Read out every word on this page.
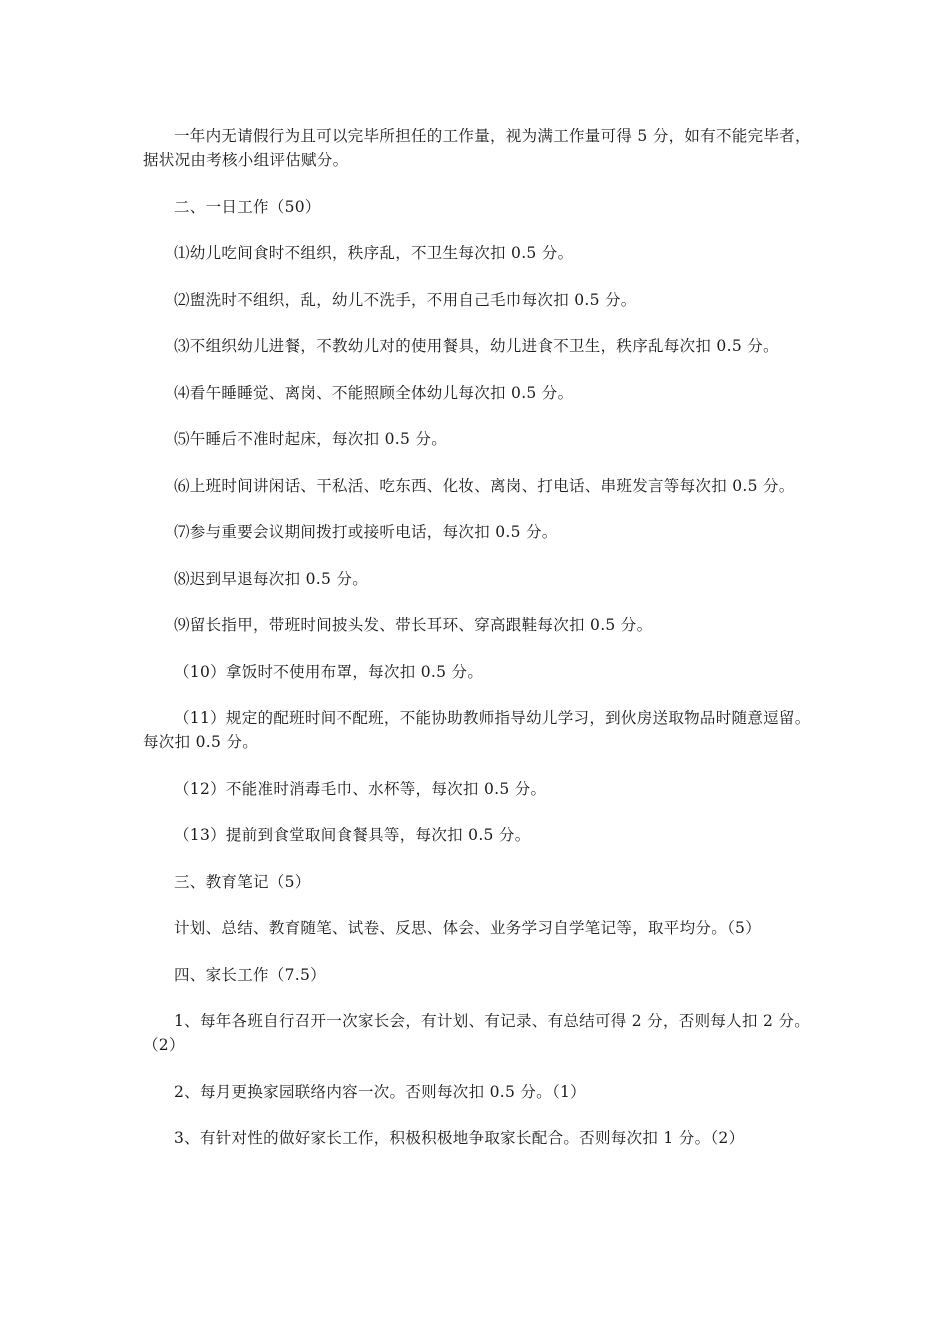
一年内无请假行为且可以完毕所担任的工作量，视为满工作量可得 5 分，如有不能完毕者，据状况由考核小组评估赋分。

二、一日工作（50）

⑴幼儿吃间食时不组织，秩序乱，不卫生每次扣 0.5 分。

⑵盥洗时不组织，乱，幼儿不洗手，不用自己毛巾每次扣 0.5 分。

⑶不组织幼儿进餐，不教幼儿对的使用餐具，幼儿进食不卫生，秩序乱每次扣 0.5 分。

⑷看午睡睡觉、离岗、不能照顾全体幼儿每次扣 0.5 分。

⑸午睡后不准时起床，每次扣 0.5 分。

⑹上班时间讲闲话、干私活、吃东西、化妆、离岗、打电话、串班发言等每次扣 0.5 分。

⑺参与重要会议期间拨打或接听电话，每次扣 0.5 分。

⑻迟到早退每次扣 0.5 分。

⑼留长指甲，带班时间披头发、带长耳环、穿高跟鞋每次扣 0.5 分。

（10）拿饭时不使用布罩，每次扣 0.5 分。

（11）规定的配班时间不配班，不能协助教师指导幼儿学习，到伙房送取物品时随意逗留。每次扣 0.5 分。

（12）不能准时消毒毛巾、水杯等，每次扣 0.5 分。

（13）提前到食堂取间食餐具等，每次扣 0.5 分。

三、教育笔记（5）

计划、总结、教育随笔、试卷、反思、体会、业务学习自学笔记等，取平均分。（5）

四、家长工作（7.5）

1、每年各班自行召开一次家长会，有计划、有记录、有总结可得 2 分，否则每人扣 2 分。（2）

2、每月更换家园联络内容一次。否则每次扣 0.5 分。（1）

3、有针对性的做好家长工作，积极积极地争取家长配合。否则每次扣 1 分。（2）
